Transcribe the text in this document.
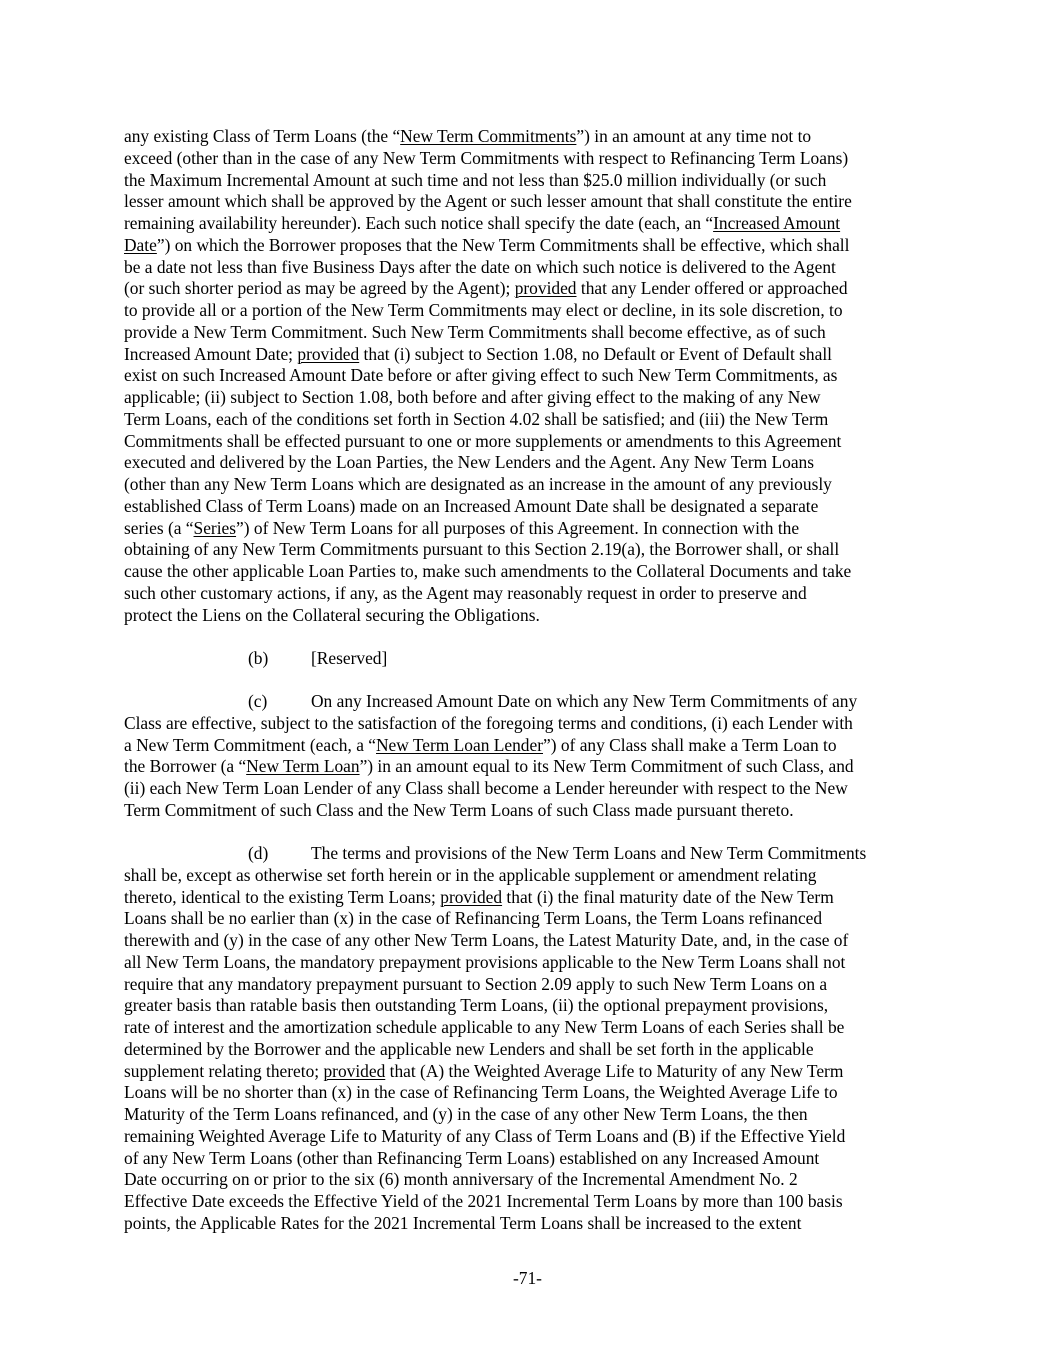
any existing Class of Term Loans (the “New Term Commitments”) in an amount at any time not to
exceed (other than in the case of any New Term Commitments with respect to Refinancing Term Loans)
the Maximum Incremental Amount at such time and not less than $25.0 million individually (or such
lesser amount which shall be approved by the Agent or such lesser amount that shall constitute the entire
remaining availability hereunder). Each such notice shall specify the date (each, an “Increased Amount
Date”) on which the Borrower proposes that the New Term Commitments shall be effective, which shall
be a date not less than five Business Days after the date on which such notice is delivered to the Agent
(or such shorter period as may be agreed by the Agent); provided that any Lender offered or approached
to provide all or a portion of the New Term Commitments may elect or decline, in its sole discretion, to
provide a New Term Commitment. Such New Term Commitments shall become effective, as of such
Increased Amount Date; provided that (i) subject to Section 1.08, no Default or Event of Default shall
exist on such Increased Amount Date before or after giving effect to such New Term Commitments, as
applicable; (ii) subject to Section 1.08, both before and after giving effect to the making of any New
Term Loans, each of the conditions set forth in Section 4.02 shall be satisfied; and (iii) the New Term
Commitments shall be effected pursuant to one or more supplements or amendments to this Agreement
executed and delivered by the Loan Parties, the New Lenders and the Agent. Any New Term Loans
(other than any New Term Loans which are designated as an increase in the amount of any previously
established Class of Term Loans) made on an Increased Amount Date shall be designated a separate
series (a “Series”) of New Term Loans for all purposes of this Agreement. In connection with the
obtaining of any New Term Commitments pursuant to this Section 2.19(a), the Borrower shall, or shall
cause the other applicable Loan Parties to, make such amendments to the Collateral Documents and take
such other customary actions, if any, as the Agent may reasonably request in order to preserve and
protect the Liens on the Collateral securing the Obligations.
(b) [Reserved]
(c)	On any Increased Amount Date on which any New Term Commitments of any
Class are effective, subject to the satisfaction of the foregoing terms and conditions, (i) each Lender with
a New Term Commitment (each, a “New Term Loan Lender”) of any Class shall make a Term Loan to
the Borrower (a “New Term Loan”) in an amount equal to its New Term Commitment of such Class, and
(ii) each New Term Loan Lender of any Class shall become a Lender hereunder with respect to the New
Term Commitment of such Class and the New Term Loans of such Class made pursuant thereto.
(d)	The terms and provisions of the New Term Loans and New Term Commitments
shall be, except as otherwise set forth herein or in the applicable supplement or amendment relating
thereto, identical to the existing Term Loans; provided that (i) the final maturity date of the New Term
Loans shall be no earlier than (x) in the case of Refinancing Term Loans, the Term Loans refinanced
therewith and (y) in the case of any other New Term Loans, the Latest Maturity Date, and, in the case of
all New Term Loans, the mandatory prepayment provisions applicable to the New Term Loans shall not
require that any mandatory prepayment pursuant to Section 2.09 apply to such New Term Loans on a
greater basis than ratable basis then outstanding Term Loans, (ii) the optional prepayment provisions,
rate of interest and the amortization schedule applicable to any New Term Loans of each Series shall be
determined by the Borrower and the applicable new Lenders and shall be set forth in the applicable
supplement relating thereto; provided that (A) the Weighted Average Life to Maturity of any New Term
Loans will be no shorter than (x) in the case of Refinancing Term Loans, the Weighted Average Life to
Maturity of the Term Loans refinanced, and (y) in the case of any other New Term Loans, the then
remaining Weighted Average Life to Maturity of any Class of Term Loans and (B) if the Effective Yield
of any New Term Loans (other than Refinancing Term Loans) established on any Increased Amount
Date occurring on or prior to the six (6) month anniversary of the Incremental Amendment No. 2
Effective Date exceeds the Effective Yield of the 2021 Incremental Term Loans by more than 100 basis
points, the Applicable Rates for the 2021 Incremental Term Loans shall be increased to the extent
-71-
